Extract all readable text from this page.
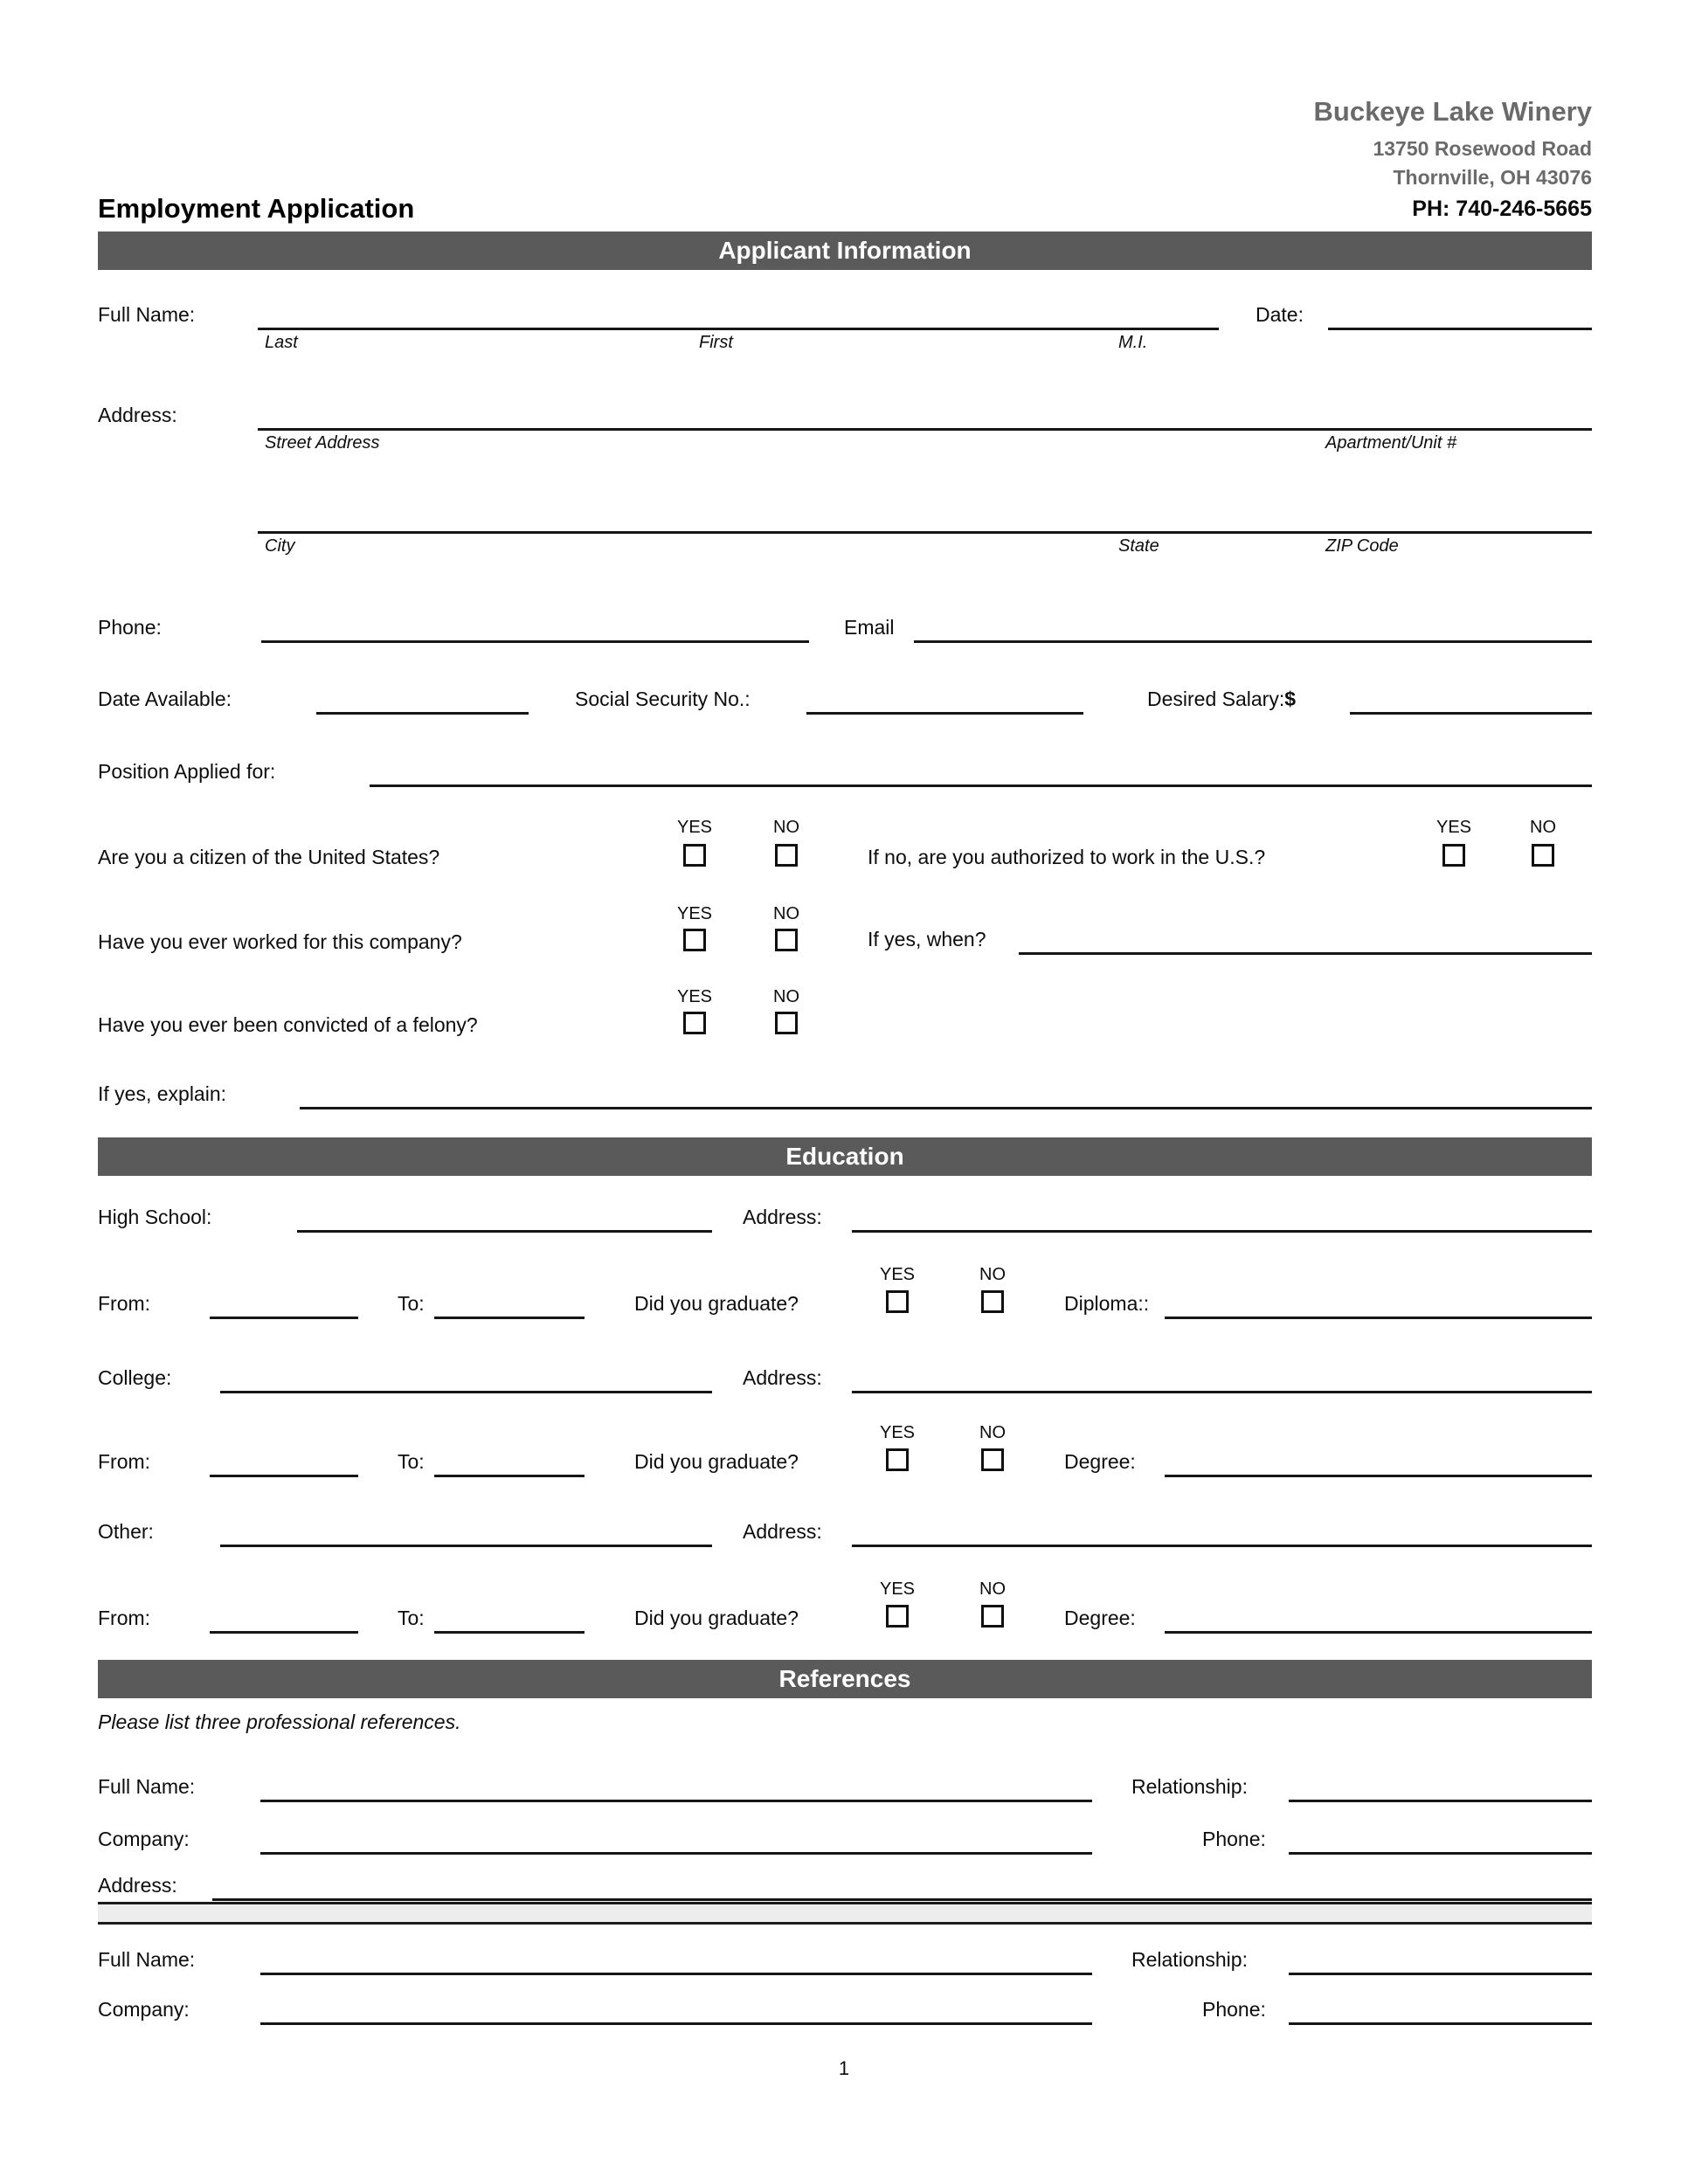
Buckeye Lake Winery
13750 Rosewood Road
Thornville, OH 43076
PH: 740-246-5665
Employment Application
Applicant Information
Full Name:
Last	First	M.I.
Date:
Address:
Street Address	Apartment/Unit #
City	State	ZIP Code
Phone:	Email
Date Available:	Social Security No.:	Desired Salary:$
Position Applied for:
YES	NO	YES	NO
Are you a citizen of the United States?	If no, are you authorized to work in the U.S.?
YES	NO
Have you ever worked for this company?	If yes, when?
YES	NO
Have you ever been convicted of a felony?
If yes, explain:
Education
High School:	Address:
YES	NO
From:	To:	Did you graduate?	Diploma::
College:	Address:
YES	NO
From:	To:	Did you graduate?	Degree:
Other:	Address:
YES	NO
From:	To:	Did you graduate?	Degree:
References
Please list three professional references.
Full Name:	Relationship:
Company:	Phone:
Address:
Full Name:	Relationship:
Company:	Phone:
1
